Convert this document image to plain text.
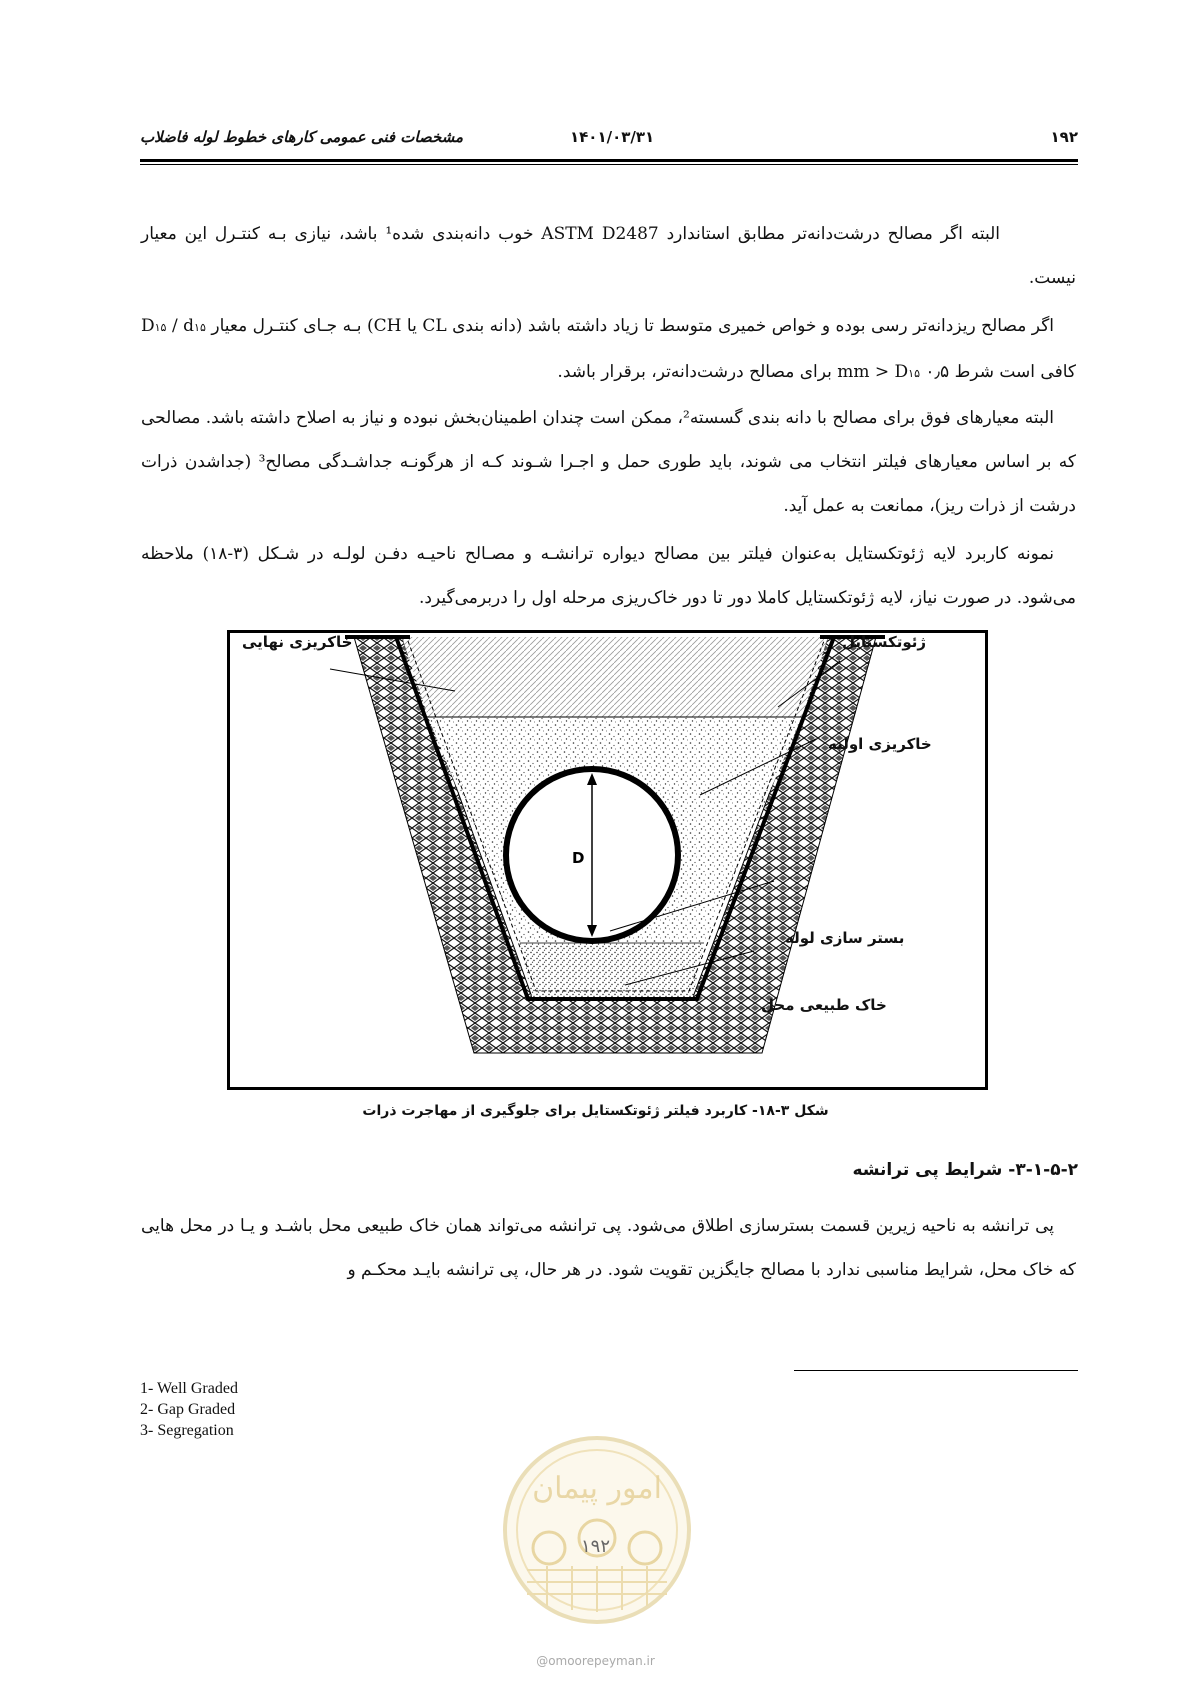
۱۹۲
۱۴۰۱/۰۳/۳۱
مشخصات فنی عمومی کارهای خطوط لوله فاضلاب

البته اگر مصالح درشت‌دانه‌تر مطابق استاندارد ASTM D2487 خوب دانه‌بندی شده¹ باشد، نیازی بـه کنتـرل این معیار نیست.

اگر مصالح ریزدانه‌تر رسی بوده و خواص خمیری متوسط تا زیاد داشته باشد (دانه بندی CL یا CH) بـه جـای کنتـرل معیار D۱۵ / d۱۵ کافی است شرط ۰٫۵ mm > D۱۵ برای مصالح درشت‌دانه‌تر، برقرار باشد.

البته معیارهای فوق برای مصالح با دانه بندی گسسته²، ممکن است چندان اطمینان‌بخش نبوده و نیاز به اصلاح داشته باشد. مصالحی که بر اساس معیارهای فیلتر انتخاب می شوند، باید طوری حمل و اجـرا شـوند کـه از هرگونـه جداشـدگی مصالح³ (جداشدن ذرات درشت از ذرات ریز)، ممانعت به عمل آید.

نمونه کاربرد لایه ژئوتکستایل به‌عنوان فیلتر بین مصالح دیواره ترانشـه و مصـالح ناحیـه دفـن لولـه در شـکل (۳-۱۸) ملاحظه می‌شود. در صورت نیاز، لایه ژئوتکستایل کاملا دور تا دور خاک‌ریزی مرحله اول را دربرمی‌گیرد.

D
خاکریزی نهایی	ژئوتکستایل
خاکریزی اولیه
بستر سازی لوله
خاک طبیعی محل
شکل ۳-۱۸- کاربرد فیلتر ژئوتکستایل برای جلوگیری از مهاجرت ذرات
۳-۱-۵-۲- شرایط پی ترانشه

پی ترانشه به ناحیه زیرین قسمت بسترسازی اطلاق می‌شود. پی ترانشه می‌تواند همان خاک طبیعی محل باشـد و یـا در محل هایی که خاک محل، شرایط مناسبی ندارد با مصالح جایگزین تقویت شود. در هر حال، پی ترانشه بایـد محکـم و

1- Well Graded
2- Gap Graded
3- Segregation
امور پیمان
۱۹۲
@omoorepeyman.ir
